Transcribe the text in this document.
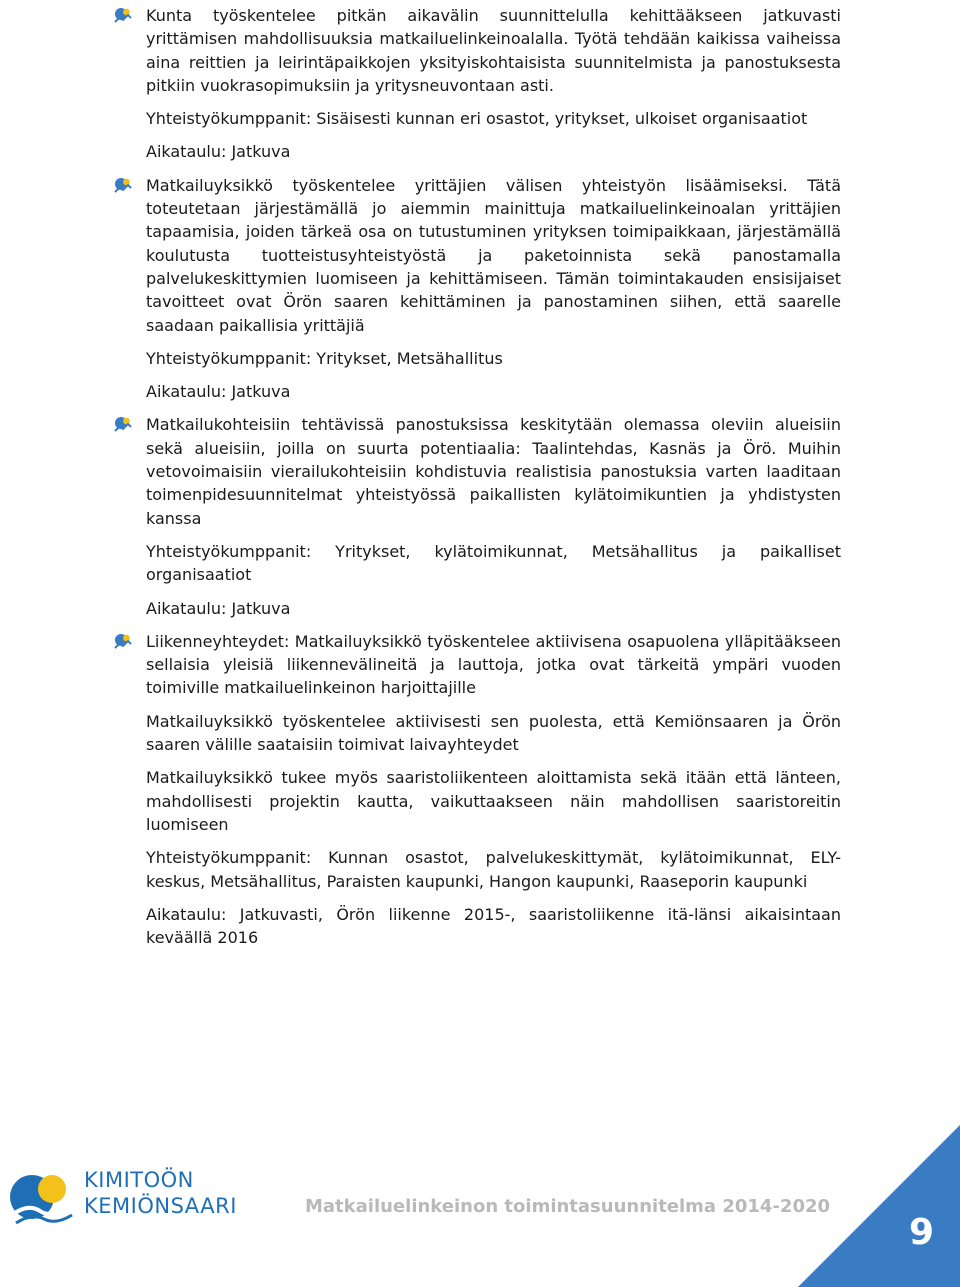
Kunta työskentelee pitkän aikavälin suunnittelulla kehittääkseen jatkuvasti yrittämisen mahdollisuuksia matkailuelinkeinoalalla. Työtä tehdään kaikissa vaiheissa aina reittien ja leirintäpaikkojen yksityiskohtaisista suunnitelmista ja panostuksesta pitkiin vuokrasopimuksiin ja yritysneuvontaan asti.

Yhteistyökumppanit: Sisäisesti kunnan eri osastot, yritykset, ulkoiset organisaatiot

Aikataulu: Jatkuva

Matkailuyksikkö työskentelee yrittäjien välisen yhteistyön lisäämiseksi. Tätä toteutetaan järjestämällä jo aiemmin mainittuja matkailuelinkeinoalan yrittäjien tapaamisia, joiden tärkeä osa on tutustuminen yrityksen toimipaikkaan, järjestämällä koulutusta tuotteistusyhteistyöstä ja paketoinnista sekä panostamalla palvelukeskittymien luomiseen ja kehittämiseen. Tämän toimintakauden ensisijaiset tavoitteet ovat Örön saaren kehittäminen ja panostaminen siihen, että saarelle saadaan paikallisia yrittäjiä

Yhteistyökumppanit: Yritykset, Metsähallitus

Aikataulu: Jatkuva

Matkailukohteisiin tehtävissä panostuksissa keskitytään olemassa oleviin alueisiin sekä alueisiin, joilla on suurta potentiaalia: Taalintehdas, Kasnäs ja Örö. Muihin vetovoimaisiin vierailukohteisiin kohdistuvia realistisia panostuksia varten laaditaan toimenpidesuunnitelmat yhteistyössä paikallisten kylätoimikuntien ja yhdistysten kanssa

Yhteistyökumppanit: Yritykset, kylätoimikunnat, Metsähallitus ja paikalliset organisaatiot

Aikataulu: Jatkuva

Liikenneyhteydet: Matkailuyksikkö työskentelee aktiivisena osapuolena ylläpitääkseen sellaisia yleisiä liikennevälineitä ja lauttoja, jotka ovat tärkeitä ympäri vuoden toimiville matkailuelinkeinon harjoittajille

Matkailuyksikkö työskentelee aktiivisesti sen puolesta, että Kemiönsaaren ja Örön saaren välille saataisiin toimivat laivayhteydet

Matkailuyksikkö tukee myös saaristoliikenteen aloittamista sekä itään että länteen, mahdollisesti projektin kautta, vaikuttaakseen näin mahdollisen saaristoreitin luomiseen

Yhteistyökumppanit: Kunnan osastot, palvelukeskittymät, kylätoimikunnat, ELY-keskus, Metsähallitus, Paraisten kaupunki, Hangon kaupunki, Raaseporin kaupunki

Aikataulu: Jatkuvasti, Örön liikenne 2015-, saaristoliikenne itä-länsi aikaisintaan keväällä 2016

KIMITOÖN
KEMIÖNSAARI	Matkailuelinkeinon toimintasuunnitelma 2014-2020
9
